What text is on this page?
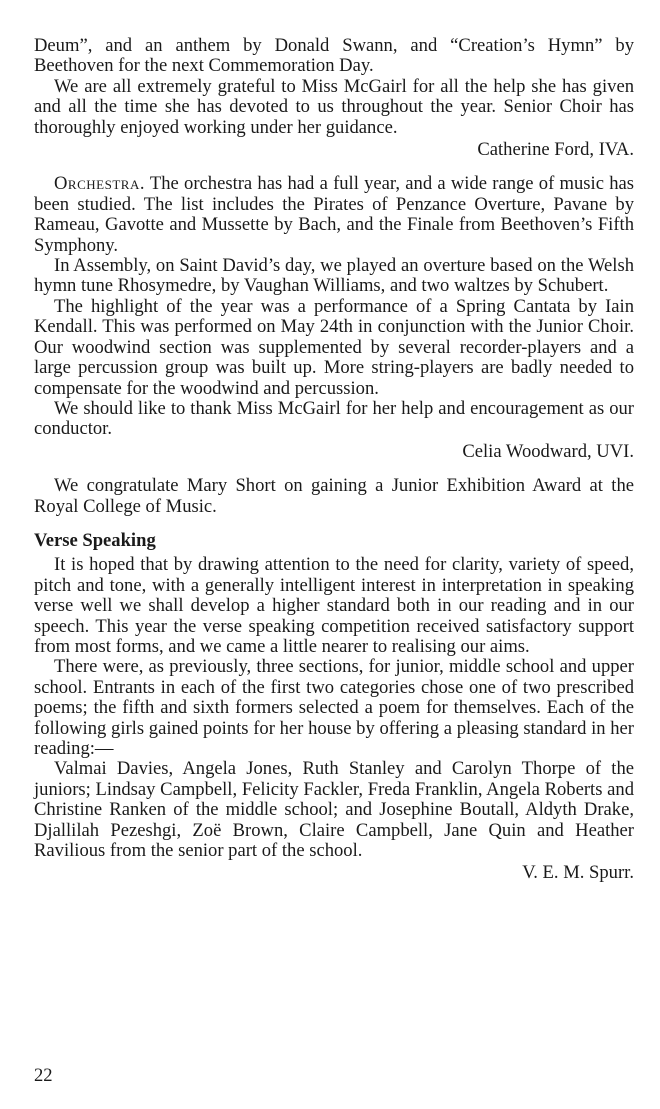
Deum”, and an anthem by Donald Swann, and “Creation’s Hymn” by Beethoven for the next Commemoration Day.

We are all extremely grateful to Miss McGairl for all the help she has given and all the time she has devoted to us throughout the year. Senior Choir has thoroughly enjoyed working under her guidance.

Catherine Ford, IVA.

Orchestra. The orchestra has had a full year, and a wide range of music has been studied. The list includes the Pirates of Penzance Overture, Pavane by Rameau, Gavotte and Mussette by Bach, and the Finale from Beethoven’s Fifth Symphony.

In Assembly, on Saint David’s day, we played an overture based on the Welsh hymn tune Rhosymedre, by Vaughan Williams, and two waltzes by Schubert.

The highlight of the year was a performance of a Spring Cantata by Iain Kendall. This was performed on May 24th in conjunction with the Junior Choir. Our woodwind section was supplemented by several recorder-players and a large percussion group was built up. More string-players are badly needed to compensate for the woodwind and percussion.

We should like to thank Miss McGairl for her help and encouragement as our conductor.

Celia Woodward, UVI.

We congratulate Mary Short on gaining a Junior Exhibition Award at the Royal College of Music.

Verse Speaking

It is hoped that by drawing attention to the need for clarity, variety of speed, pitch and tone, with a generally intelligent interest in interpretation in speaking verse well we shall develop a higher standard both in our reading and in our speech. This year the verse speaking competition received satisfactory support from most forms, and we came a little nearer to realising our aims.

There were, as previously, three sections, for junior, middle school and upper school. Entrants in each of the first two categories chose one of two prescribed poems; the fifth and sixth formers selected a poem for themselves. Each of the following girls gained points for her house by offering a pleasing standard in her reading:—

Valmai Davies, Angela Jones, Ruth Stanley and Carolyn Thorpe of the juniors; Lindsay Campbell, Felicity Fackler, Freda Franklin, Angela Roberts and Christine Ranken of the middle school; and Josephine Boutall, Aldyth Drake, Djallilah Pezeshgi, Zoë Brown, Claire Campbell, Jane Quin and Heather Ravilious from the senior part of the school.

V. E. M. Spurr.

22
